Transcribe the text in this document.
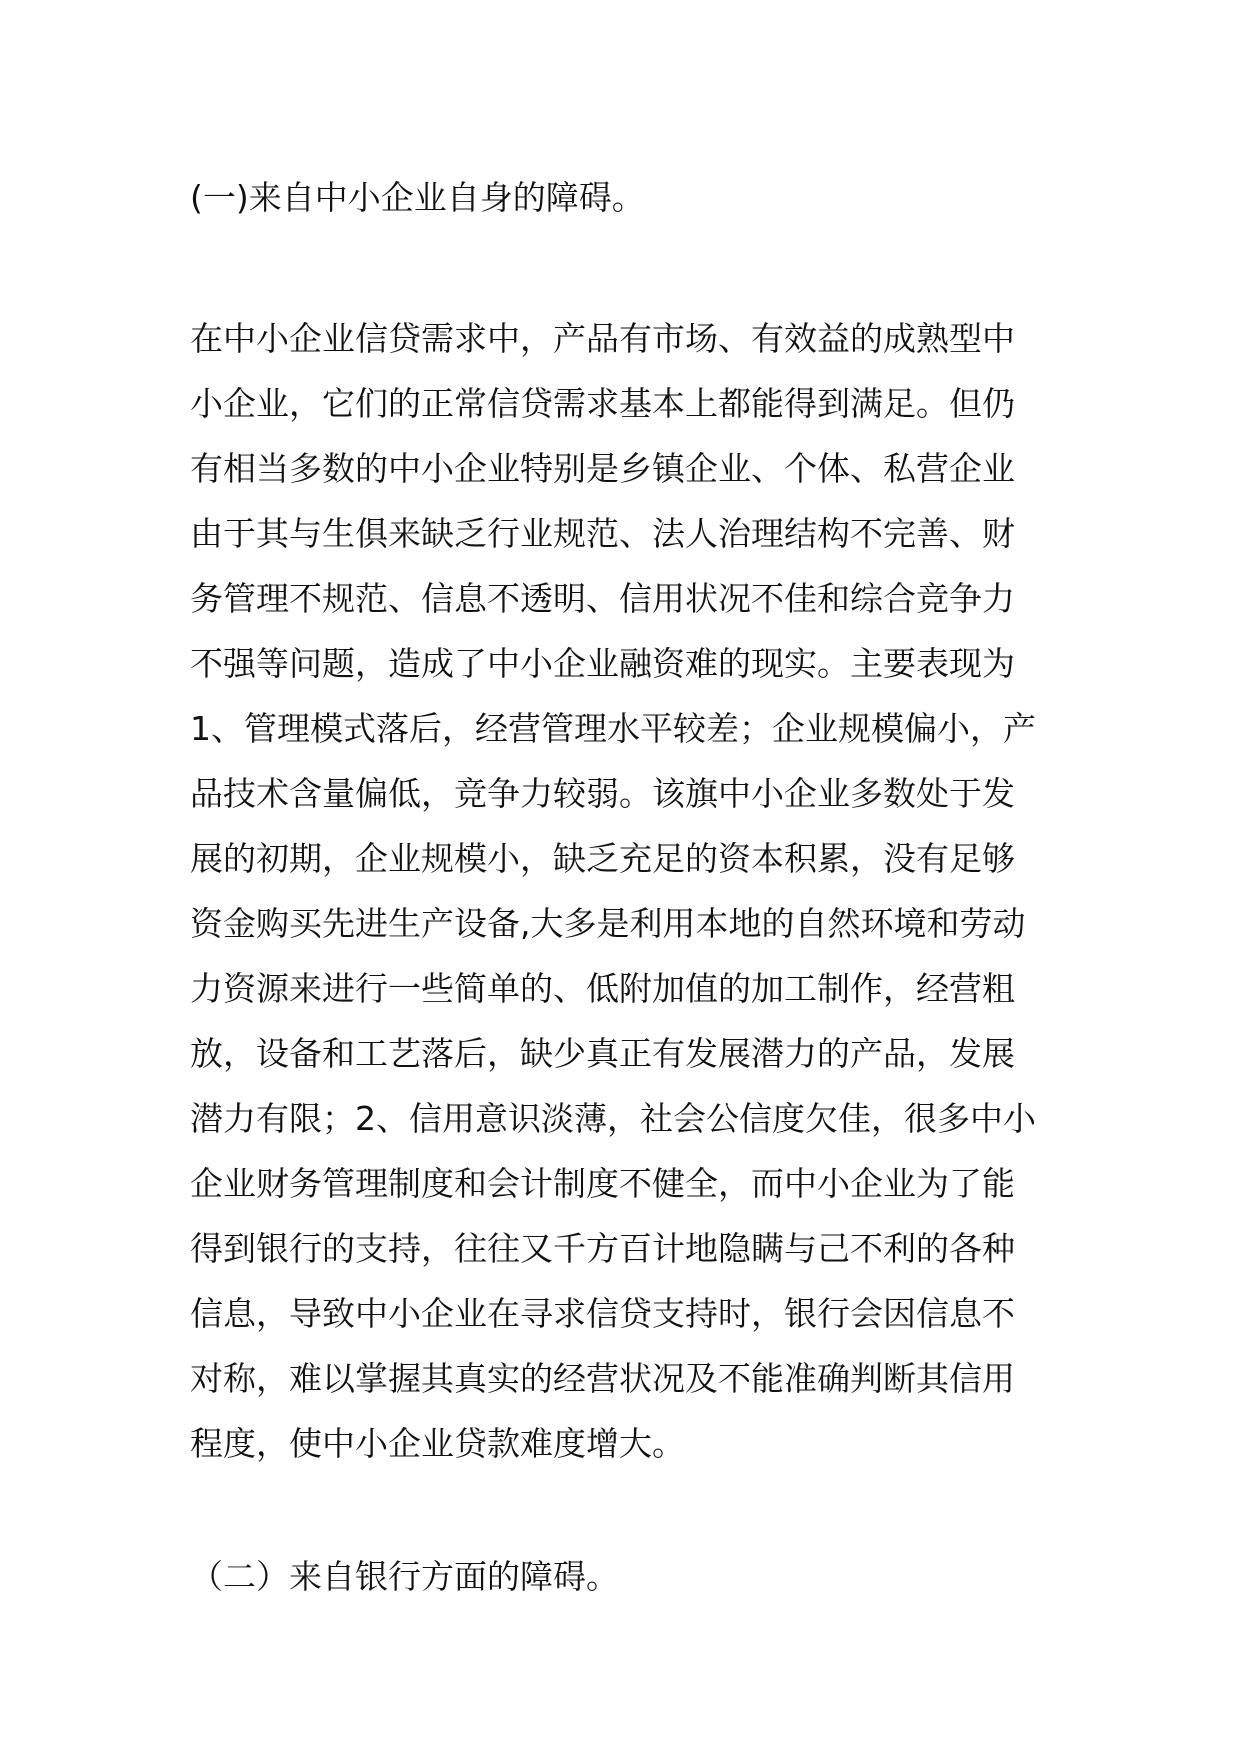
(一)来自中小企业自身的障碍。
在中小企业信贷需求中，产品有市场、有效益的成熟型中
小企业，它们的正常信贷需求基本上都能得到满足。但仍
有相当多数的中小企业特别是乡镇企业、个体、私营企业
由于其与生俱来缺乏行业规范、法人治理结构不完善、财
务管理不规范、信息不透明、信用状况不佳和综合竞争力
不强等问题，造成了中小企业融资难的现实。主要表现为
1、管理模式落后，经营管理水平较差；企业规模偏小，产
品技术含量偏低，竞争力较弱。该旗中小企业多数处于发
展的初期，企业规模小，缺乏充足的资本积累，没有足够
资金购买先进生产设备,大多是利用本地的自然环境和劳动
力资源来进行一些简单的、低附加值的加工制作，经营粗
放，设备和工艺落后，缺少真正有发展潜力的产品，发展
潜力有限；2、信用意识淡薄，社会公信度欠佳，很多中小
企业财务管理制度和会计制度不健全，而中小企业为了能
得到银行的支持，往往又千方百计地隐瞒与己不利的各种
信息，导致中小企业在寻求信贷支持时，银行会因信息不
对称，难以掌握其真实的经营状况及不能准确判断其信用
程度，使中小企业贷款难度增大。
（二）来自银行方面的障碍。
